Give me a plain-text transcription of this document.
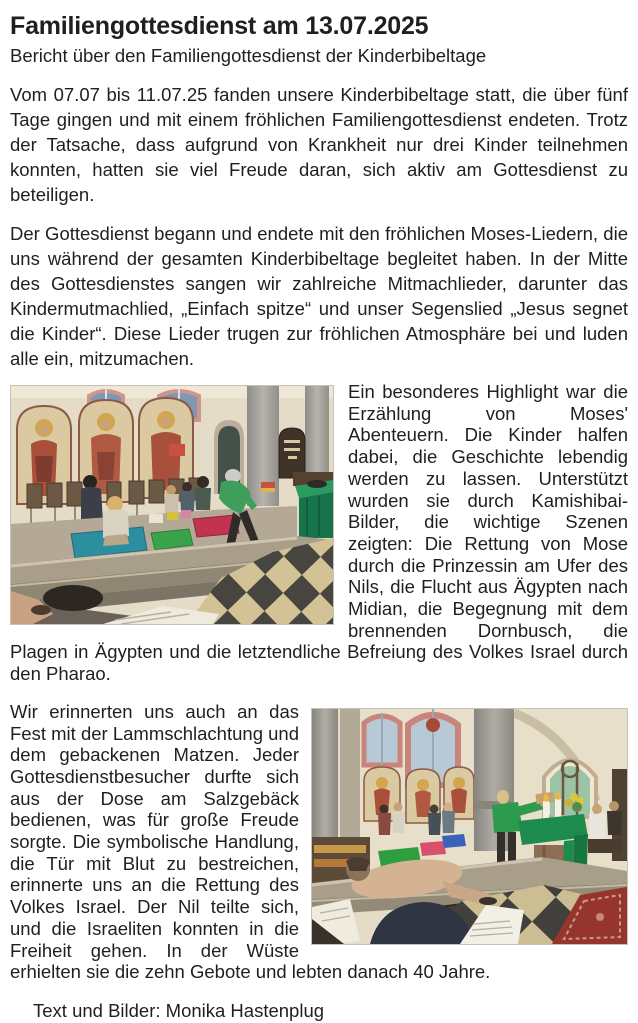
Familiengottesdienst am 13.07.2025

Bericht über den Familiengottesdienst der Kinderbibeltage

Vom 07.07 bis 11.07.25 fanden unsere Kinderbibeltage statt, die über fünf Tage gingen und mit einem fröhlichen Familiengottesdienst endeten. Trotz der Tatsache, dass aufgrund von Krankheit nur drei Kinder teilnehmen konnten, hatten sie viel Freude daran, sich aktiv am Gottesdienst zu beteiligen.

Der Gottesdienst begann und endete mit den fröhlichen Moses-Liedern, die uns während der gesamten Kinderbibeltage begleitet haben. In der Mitte des Gottesdienstes sangen wir zahlreiche Mitmachlieder, darunter das Kindermutmachlied, „Einfach spitze“ und unser Segenslied „Jesus segnet die Kinder“. Diese Lieder trugen zur fröhlichen Atmosphäre bei und luden alle ein, mitzumachen.

Ein besonderes Highlight war die Erzählung von Moses' Abenteuern. Die Kinder halfen dabei, die Geschichte lebendig werden zu lassen. Unterstützt wurden sie durch Kamishibai-Bilder, die wichtige Szenen zeigten: Die Rettung von Mose durch die Prinzessin am Ufer des Nils, die Flucht aus Ägypten nach Midian, die Begegnung mit dem brennenden Dornbusch, die Plagen in Ägypten und die letztendliche Befreiung des Volkes Israel durch den Pharao.
Wir erinnerten uns auch an das Fest mit der Lammschlachtung und dem gebackenen Matzen. Jeder Gottesdienstbesucher durfte sich aus der Dose am Salzgebäck bedienen, was für große Freude sorgte. Die symbolische Handlung, die Tür mit Blut zu bestreichen, erinnerte uns an die Rettung des Volkes Israel. Der Nil teilte sich, und die Israeliten konnten in die Freiheit gehen. In der Wüste erhielten sie die zehn Gebote und lebten danach 40 Jahre.

Text und Bilder: Monika Hastenplug
